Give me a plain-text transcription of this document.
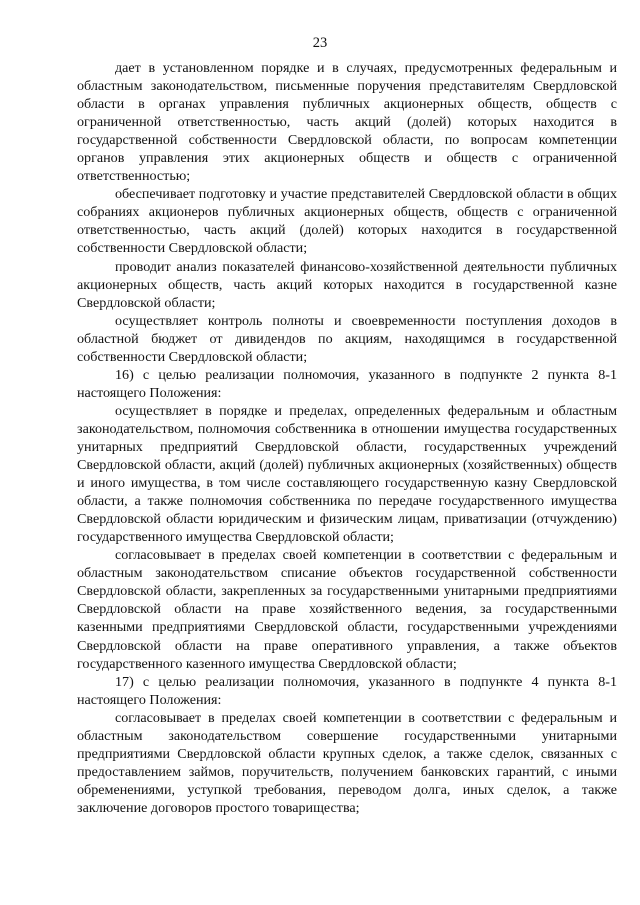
23

дает в установленном порядке и в случаях, предусмотренных федеральным и областным законодательством, письменные поручения представителям Свердловской области в органах управления публичных акционерных обществ, обществ с ограниченной ответственностью, часть акций (долей) которых находится в государственной собственности Свердловской области, по вопросам компетенции органов управления этих акционерных обществ и обществ с ограниченной ответственностью;

обеспечивает подготовку и участие представителей Свердловской области в общих собраниях акционеров публичных акционерных обществ, обществ с ограниченной ответственностью, часть акций (долей) которых находится в государственной собственности Свердловской области;

проводит анализ показателей финансово-хозяйственной деятельности публичных акционерных обществ, часть акций которых находится в государственной казне Свердловской области;

осуществляет контроль полноты и своевременности поступления доходов в областной бюджет от дивидендов по акциям, находящимся в государственной собственности Свердловской области;

16) с целью реализации полномочия, указанного в подпункте 2 пункта 8-1 настоящего Положения:

осуществляет в порядке и пределах, определенных федеральным и областным законодательством, полномочия собственника в отношении имущества государственных унитарных предприятий Свердловской области, государственных учреждений Свердловской области, акций (долей) публичных акционерных (хозяйственных) обществ и иного имущества, в том числе составляющего государственную казну Свердловской области, а также полномочия собственника по передаче государственного имущества Свердловской области юридическим и физическим лицам, приватизации (отчуждению) государственного имущества Свердловской области;

согласовывает в пределах своей компетенции в соответствии с федеральным и областным законодательством списание объектов государственной собственности Свердловской области, закрепленных за государственными унитарными предприятиями Свердловской области на праве хозяйственного ведения, за государственными казенными предприятиями Свердловской области, государственными учреждениями Свердловской области на праве оперативного управления, а также объектов государственного казенного имущества Свердловской области;

17) с целью реализации полномочия, указанного в подпункте 4 пункта 8-1 настоящего Положения:

согласовывает в пределах своей компетенции в соответствии с федеральным и областным законодательством совершение государственными унитарными предприятиями Свердловской области крупных сделок, а также сделок, связанных с предоставлением займов, поручительств, получением банковских гарантий, с иными обременениями, уступкой требования, переводом долга, иных сделок, а также заключение договоров простого товарищества;
